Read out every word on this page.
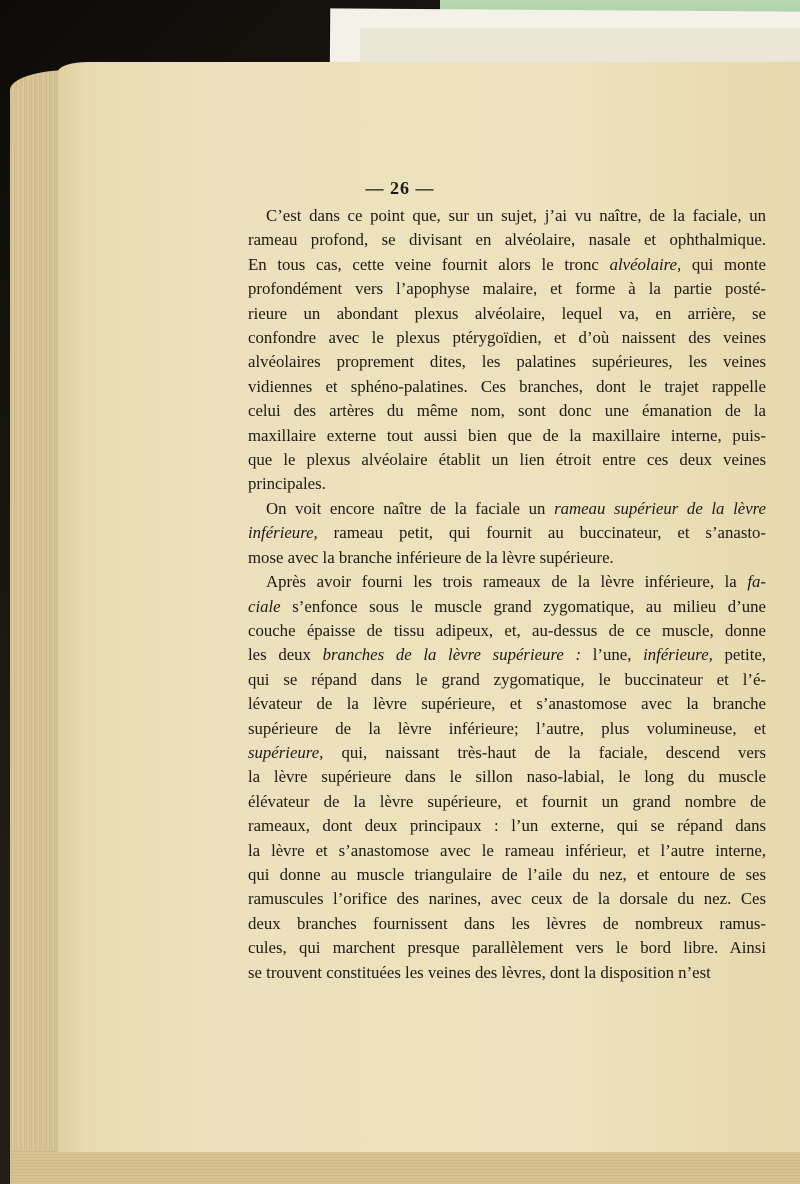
— 26 —
C’est dans ce point que, sur un sujet, j’ai vu naître, de la faciale, un
rameau profond, se divisant en alvéolaire, nasale et ophthalmique.
En tous cas, cette veine fournit alors le tronc alvéolaire, qui monte
profondément vers l’apophyse malaire, et forme à la partie posté-
rieure un abondant plexus alvéolaire, lequel va, en arrière, se
confondre avec le plexus ptérygoïdien, et d’où naissent des veines
alvéolaires proprement dites, les palatines supérieures, les veines
vidiennes et sphéno-palatines. Ces branches, dont le trajet rappelle
celui des artères du même nom, sont donc une émanation de la
maxillaire externe tout aussi bien que de la maxillaire interne, puis-
que le plexus alvéolaire établit un lien étroit entre ces deux veines
principales.
On voit encore naître de la faciale un rameau supérieur de la lèvre
inférieure, rameau petit, qui fournit au buccinateur, et s’anasto-
mose avec la branche inférieure de la lèvre supérieure.
Après avoir fourni les trois rameaux de la lèvre inférieure, la fa-
ciale s’enfonce sous le muscle grand zygomatique, au milieu d’une
couche épaisse de tissu adipeux, et, au-dessus de ce muscle, donne
les deux branches de la lèvre supérieure : l’une, inférieure, petite,
qui se répand dans le grand zygomatique, le buccinateur et l’é-
lévateur de la lèvre supérieure, et s’anastomose avec la branche
supérieure de la lèvre inférieure; l’autre, plus volumineuse, et
supérieure, qui, naissant très-haut de la faciale, descend vers
la lèvre supérieure dans le sillon naso-labial, le long du muscle
élévateur de la lèvre supérieure, et fournit un grand nombre de
rameaux, dont deux principaux : l’un externe, qui se répand dans
la lèvre et s’anastomose avec le rameau inférieur, et l’autre interne,
qui donne au muscle triangulaire de l’aile du nez, et entoure de ses
ramuscules l’orifice des narines, avec ceux de la dorsale du nez. Ces
deux branches fournissent dans les lèvres de nombreux ramus-
cules, qui marchent presque parallèlement vers le bord libre. Ainsi
se trouvent constituées les veines des lèvres, dont la disposition n’est
